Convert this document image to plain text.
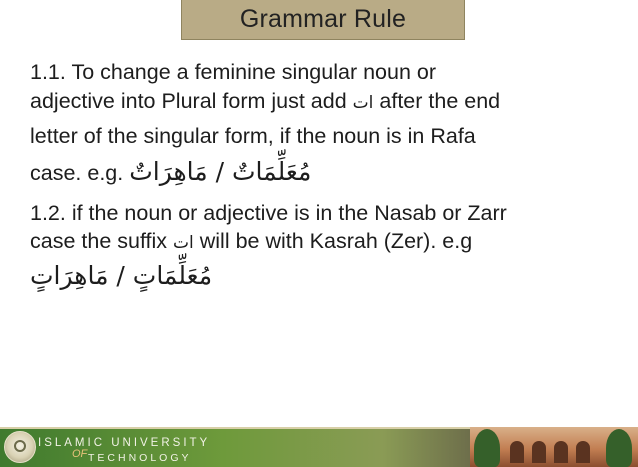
Grammar Rule
1.1. To change a feminine singular noun or
adjective into Plural form just add ات after the end
letter of the singular form, if the noun is in Rafa
case. e.g. مُعَلِّمَاتٌ / مَاهِرَاتٌ
1.2. if the noun or adjective is in the Nasab or Zarr
case the suffix ات will be with Kasrah (Zer). e.g
مُعَلِّمَاتٍ / مَاهِرَاتٍ
ISLAMIC UNIVERSITY
OF TECHNOLOGY
